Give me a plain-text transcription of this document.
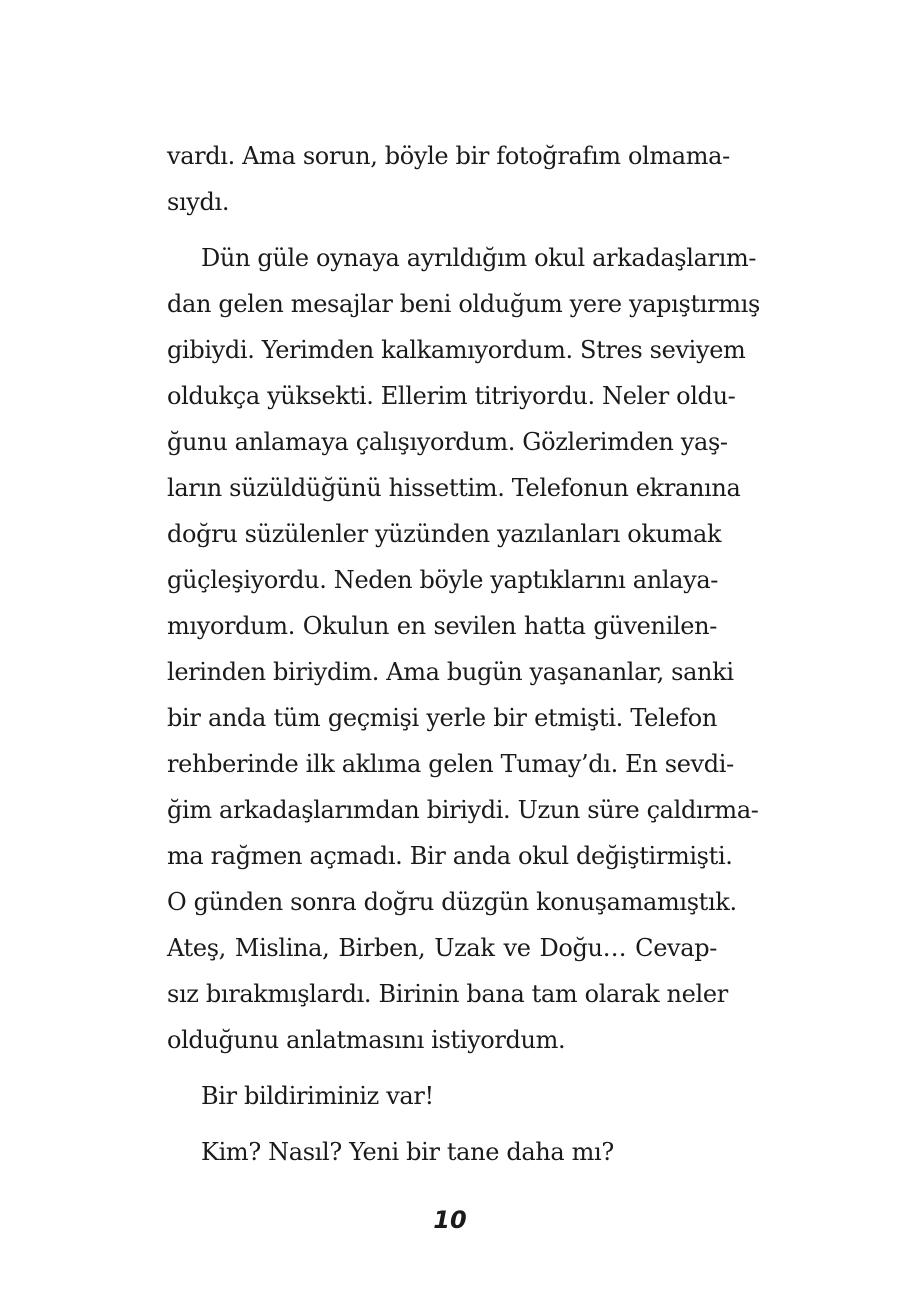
vardı. Ama sorun, böyle bir fotoğrafım olmama-
sıydı.
Dün güle oynaya ayrıldığım okul arkadaşlarım-
dan gelen mesajlar beni olduğum yere yapıştırmış
gibiydi. Yerimden kalkamıyordum. Stres seviyem
oldukça yüksekti. Ellerim titriyordu. Neler oldu-
ğunu anlamaya çalışıyordum. Gözlerimden yaş-
ların süzüldüğünü hissettim. Telefonun ekranına
doğru süzülenler yüzünden yazılanları okumak
güçleşiyordu. Neden böyle yaptıklarını anlaya-
mıyordum. Okulun en sevilen hatta güvenilen-
lerinden biriydim. Ama bugün yaşananlar, sanki
bir anda tüm geçmişi yerle bir etmişti. Telefon
rehberinde ilk aklıma gelen Tumay’dı. En sevdi-
ğim arkadaşlarımdan biriydi. Uzun süre çaldırma-
ma rağmen açmadı. Bir anda okul değiştirmişti.
O günden sonra doğru düzgün konuşamamıştık.
Ateş, Mislina, Birben, Uzak ve Doğu… Cevap-
sız bırakmışlardı. Birinin bana tam olarak neler
olduğunu anlatmasını istiyordum.
Bir bildiriminiz var!
Kim? Nasıl? Yeni bir tane daha mı?
10
